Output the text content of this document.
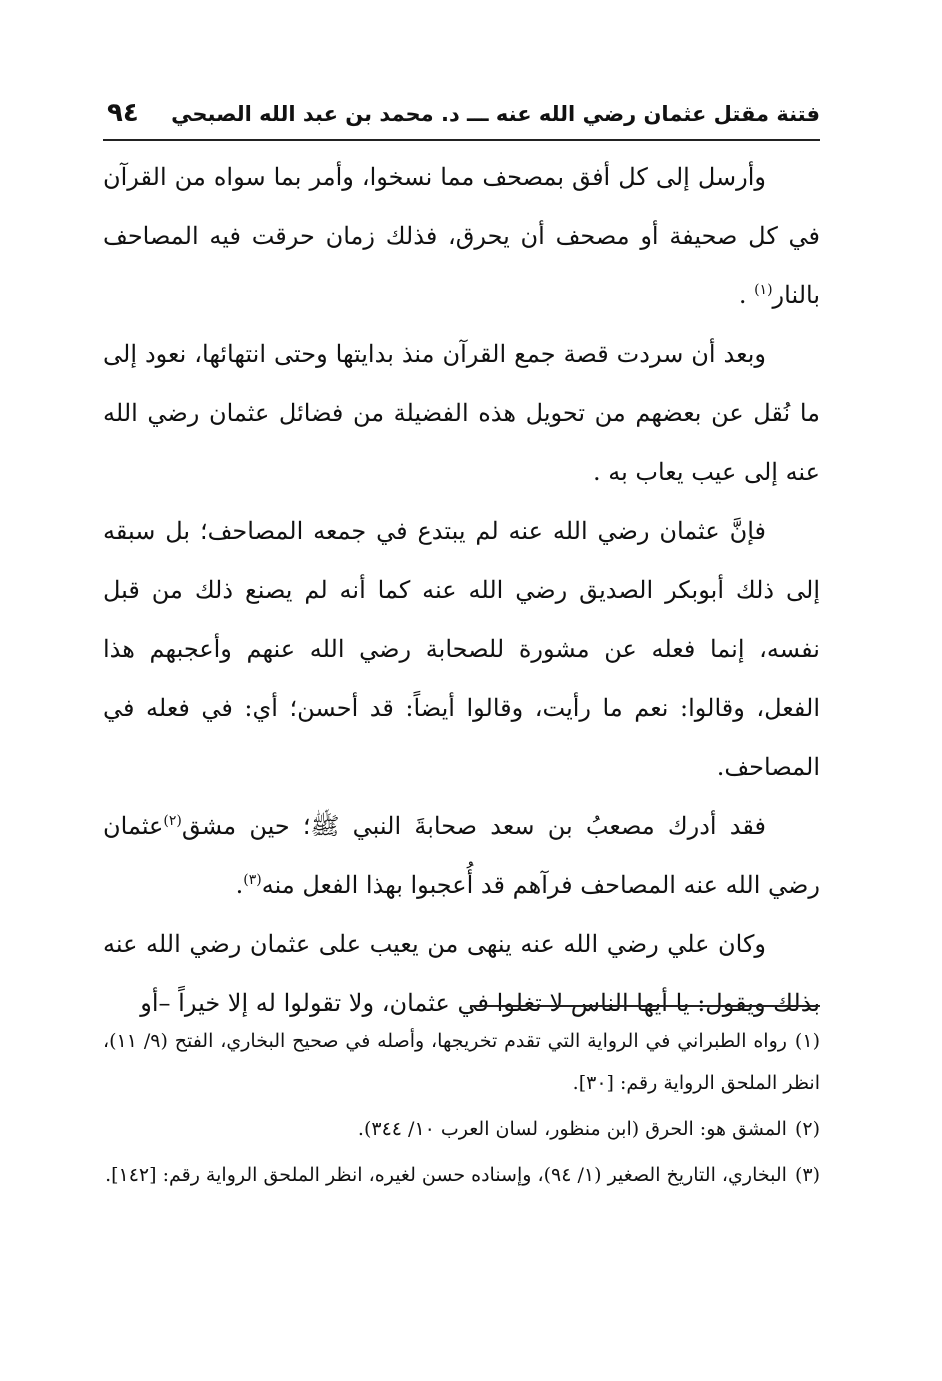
فتنة مقتل عثمان رضي الله عنه ـــ د. محمد بن عبد الله الصبحي
٩٤

وأرسل إلى كل أفق بمصحف مما نسخوا، وأمر بما سواه من القرآن في كل صحيفة أو مصحف أن يحرق، فذلك زمان حرقت فيه المصاحف بالنار$^{(١)}$ .

وبعد أن سردت قصة جمع القرآن منذ بدايتها وحتى انتهائها، نعود إلى ما نُقل عن بعضهم من تحويل هذه الفضيلة من فضائل عثمان رضي الله عنه إلى عيب يعاب به .

فإنَّ عثمان رضي الله عنه لم يبتدع في جمعه المصاحف؛ بل سبقه إلى ذلك أبوبكر الصديق رضي الله عنه كما أنه لم يصنع ذلك من قبل نفسه، إنما فعله عن مشورة للصحابة رضي الله عنهم وأعجبهم هذا الفعل، وقالوا: نعم ما رأيت، وقالوا أيضاً: قد أحسن؛ أي: في فعله في المصاحف.

فقد أدرك مصعبُ بن سعد صحابةَ النبي ﷺ؛ حين مشق$^{(٢)}$عثمان رضي الله عنه المصاحف فرآهم قد أُعجبوا بهذا الفعل منه$^{(٣)}$.

وكان علي رضي الله عنه ينهى من يعيب على عثمان رضي الله عنه بذلك ويقول: يا أيها الناس لا تغلوا في عثمان، ولا تقولوا له إلا خيراً –أو

(١)رواه الطبراني في الرواية التي تقدم تخريجها، وأصله في صحيح البخاري، الفتح (٩/ ١١)، انظر الملحق الرواية رقم: [٣٠].

(٢)المشق هو: الحرق (ابن منظور، لسان العرب ١٠/ ٣٤٤).

(٣)البخاري، التاريخ الصغير (١/ ٩٤)، وإسناده حسن لغيره، انظر الملحق الرواية رقم: [١٤٢].
